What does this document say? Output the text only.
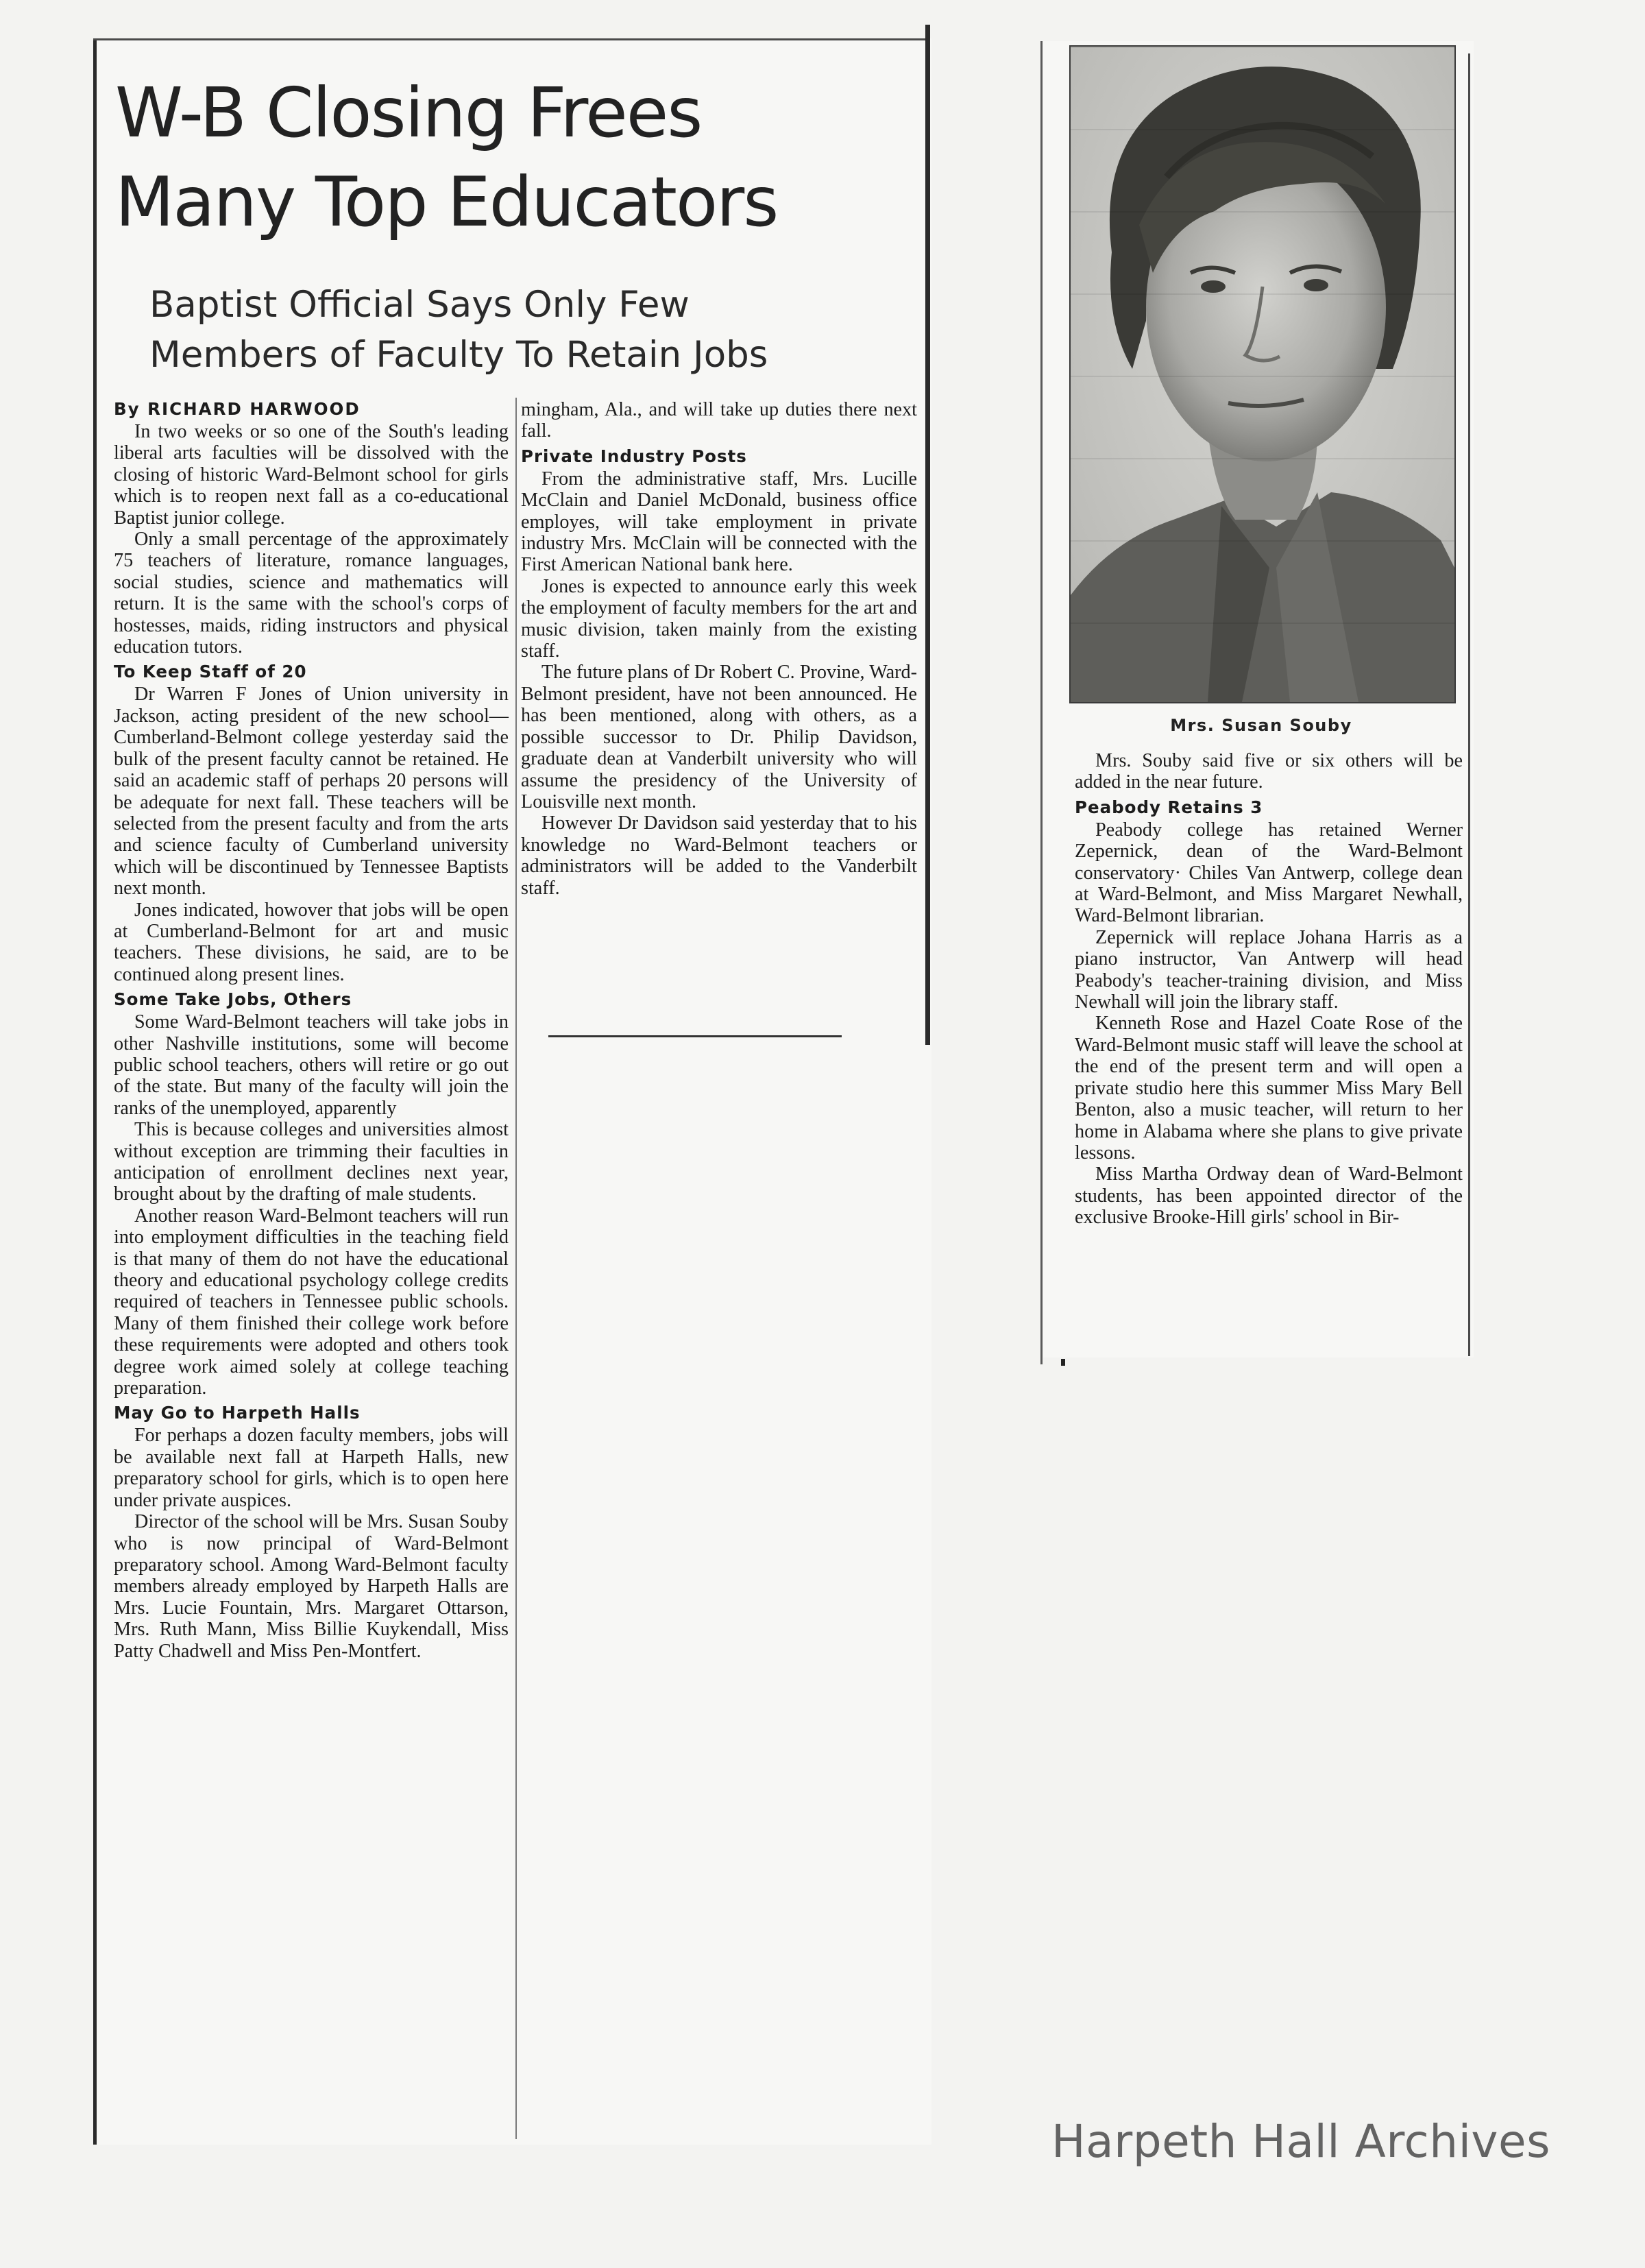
W-B Closing Frees
Many Top Educators
Baptist Official Says Only Few
Members of Faculty To Retain Jobs
By RICHARD HARWOOD

In two weeks or so one of the South's leading liberal arts faculties will be dissolved with the closing of historic Ward-Belmont school for girls which is to reopen next fall as a co-educational Baptist junior college.

Only a small percentage of the approximately 75 teachers of literature, romance languages, social studies, science and mathematics will return. It is the same with the school's corps of hostesses, maids, riding instructors and physical education tutors.

To Keep Staff of 20

Dr Warren F Jones of Union university in Jackson, acting president of the new school—Cumberland-Belmont college yesterday said the bulk of the present faculty cannot be retained. He said an academic staff of perhaps 20 persons will be adequate for next fall. These teachers will be selected from the present faculty and from the arts and science faculty of Cumberland university which will be discontinued by Tennessee Baptists next month.

Jones indicated, howover that jobs will be open at Cumberland-Belmont for art and music teachers. These divisions, he said, are to be continued along present lines.

Some Take Jobs, Others

Some Ward-Belmont teachers will take jobs in other Nashville institutions, some will become public school teachers, others will retire or go out of the state. But many of the faculty will join the ranks of the unemployed, apparently

This is because colleges and universities almost without exception are trimming their faculties in anticipation of enrollment declines next year, brought about by the drafting of male students.

Another reason Ward-Belmont teachers will run into employment difficulties in the teaching field is that many of them do not have the educational theory and educational psychology college credits required of teachers in Tennessee public schools. Many of them finished their college work before these requirements were adopted and others took degree work aimed solely at college teaching preparation.

May Go to Harpeth Halls

For perhaps a dozen faculty members, jobs will be available next fall at Harpeth Halls, new preparatory school for girls, which is to open here under private auspices.

Director of the school will be Mrs. Susan Souby who is now principal of Ward-Belmont preparatory school. Among Ward-Belmont faculty members already employed by Harpeth Halls are Mrs. Lucie Fountain, Mrs. Margaret Ottarson, Mrs. Ruth Mann, Miss Billie Kuykendall, Miss Patty Chadwell and Miss Pen-Montfert.

mingham, Ala., and will take up duties there next fall.

Private Industry Posts

From the administrative staff, Mrs. Lucille McClain and Daniel McDonald, business office employes, will take employment in private industry Mrs. McClain will be connected with the First American National bank here.

Jones is expected to announce early this week the employment of faculty members for the art and music division, taken mainly from the existing staff.

The future plans of Dr Robert C. Provine, Ward-Belmont president, have not been announced. He has been mentioned, along with others, as a possible successor to Dr. Philip Davidson, graduate dean at Vanderbilt university who will assume the presidency of the University of Louisville next month.

However Dr Davidson said yesterday that to his knowledge no Ward-Belmont teachers or administrators will be added to the Vanderbilt staff.

Mrs. Susan Souby

Mrs. Souby said five or six others will be added in the near future.

Peabody Retains 3

Peabody college has retained Werner Zepernick, dean of the Ward-Belmont conservatory· Chiles Van Antwerp, college dean at Ward-Belmont, and Miss Margaret Newhall, Ward-Belmont librarian.

Zepernick will replace Johana Harris as a piano instructor, Van Antwerp will head Peabody's teacher-training division, and Miss Newhall will join the library staff.

Kenneth Rose and Hazel Coate Rose of the Ward-Belmont music staff will leave the school at the end of the present term and will open a private studio here this summer Miss Mary Bell Benton, also a music teacher, will return to her home in Alabama where she plans to give private lessons.

Miss Martha Ordway dean of Ward-Belmont students, has been appointed director of the exclusive Brooke-Hill girls' school in Bir-

Harpeth Hall Archives
